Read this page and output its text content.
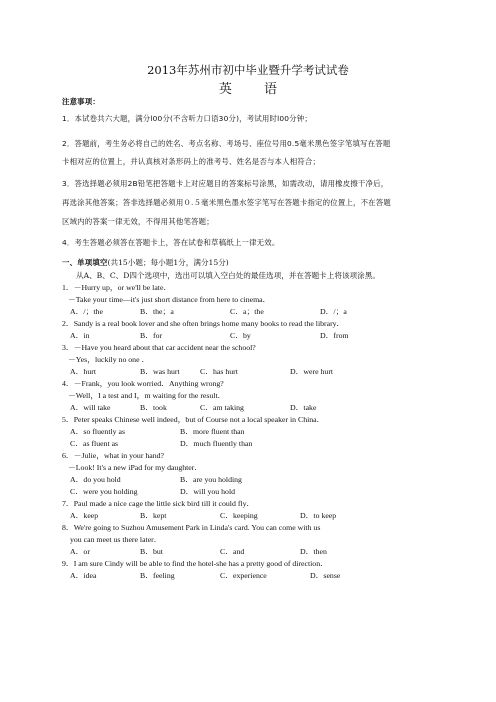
2013年苏州市初中毕业暨升学考试试卷
英 语
注意事项：
1．本试卷共六大题，满分l00分(不含听力口语30分)，考试用时l00分钟；
2．答题前，考生务必将自己的姓名、考点名称、考场号、座位号用0.5毫米黑色签字笔填写在答题
卡相对应的位置上，并认真核对条形码上的准考号、姓名是否与本人相符合；
3．答选择题必须用2B铅笔把答题卡上对应题目的答案标号涂黑，如需改动，请用橡皮擦干净后，
再选涂其他答案；答非选择题必须用０.５毫米黑色墨水签字笔写在答题卡指定的位置上，不在答题
区域内的答案一律无效，不得用其他笔答题；
4．考生答题必须答在答题卡上，答在试卷和草稿纸上一律无效。
一、单项填空(共15小题；每小题1分，满分15分)
从A、B、C、D四个选项中，选出可以填入空白处的最佳选项，并在答题卡上将该项涂黑。
1．－Hurry up，or we'll be late．
－Take your time—it's just short distance from here to cinema．
A．/；the	B．the；a	C．a；the	D．/；a
2．Sandy is a real book lover and she often brings home many books to read the library．
A．in	B．for	C．by	D．from
3．－Have you heard about that car accident near the school?
－Yes，luckily no one ．
A．hurt	B．was hurt	C．has hurt	D．were hurt
4．－Frank，you look worried．Anything wrong?
－Well，I a test and I，m waiting for the result．
A．will take	B．took	C．am taking	D．take
5．Peter speaks Chinese well indeed，but of Course not a local speaker in China．
A．so fluently as	B．more fluent than
C．as fluent as	D．much fluently than
6．－Julie，what in your hand?
－Look! It's a new iPad for my daughter．
A．do you hold	B．are you holding
C．were you holding	D．will you hold
7．Paul made a nice cage the little sick bird till it could fly．
A．keep	B．kept	C．keeping	D．to keep
8．We're going to Suzhou Amusement Park in Linda's card. You can come with us
you can meet us there later．
A．or	B．but	C．and	D．then
9．I am sure Cindy will be able to find the hotel-she has a pretty good of direction．
A．idea	B．feeling	C．experience	D．sense
